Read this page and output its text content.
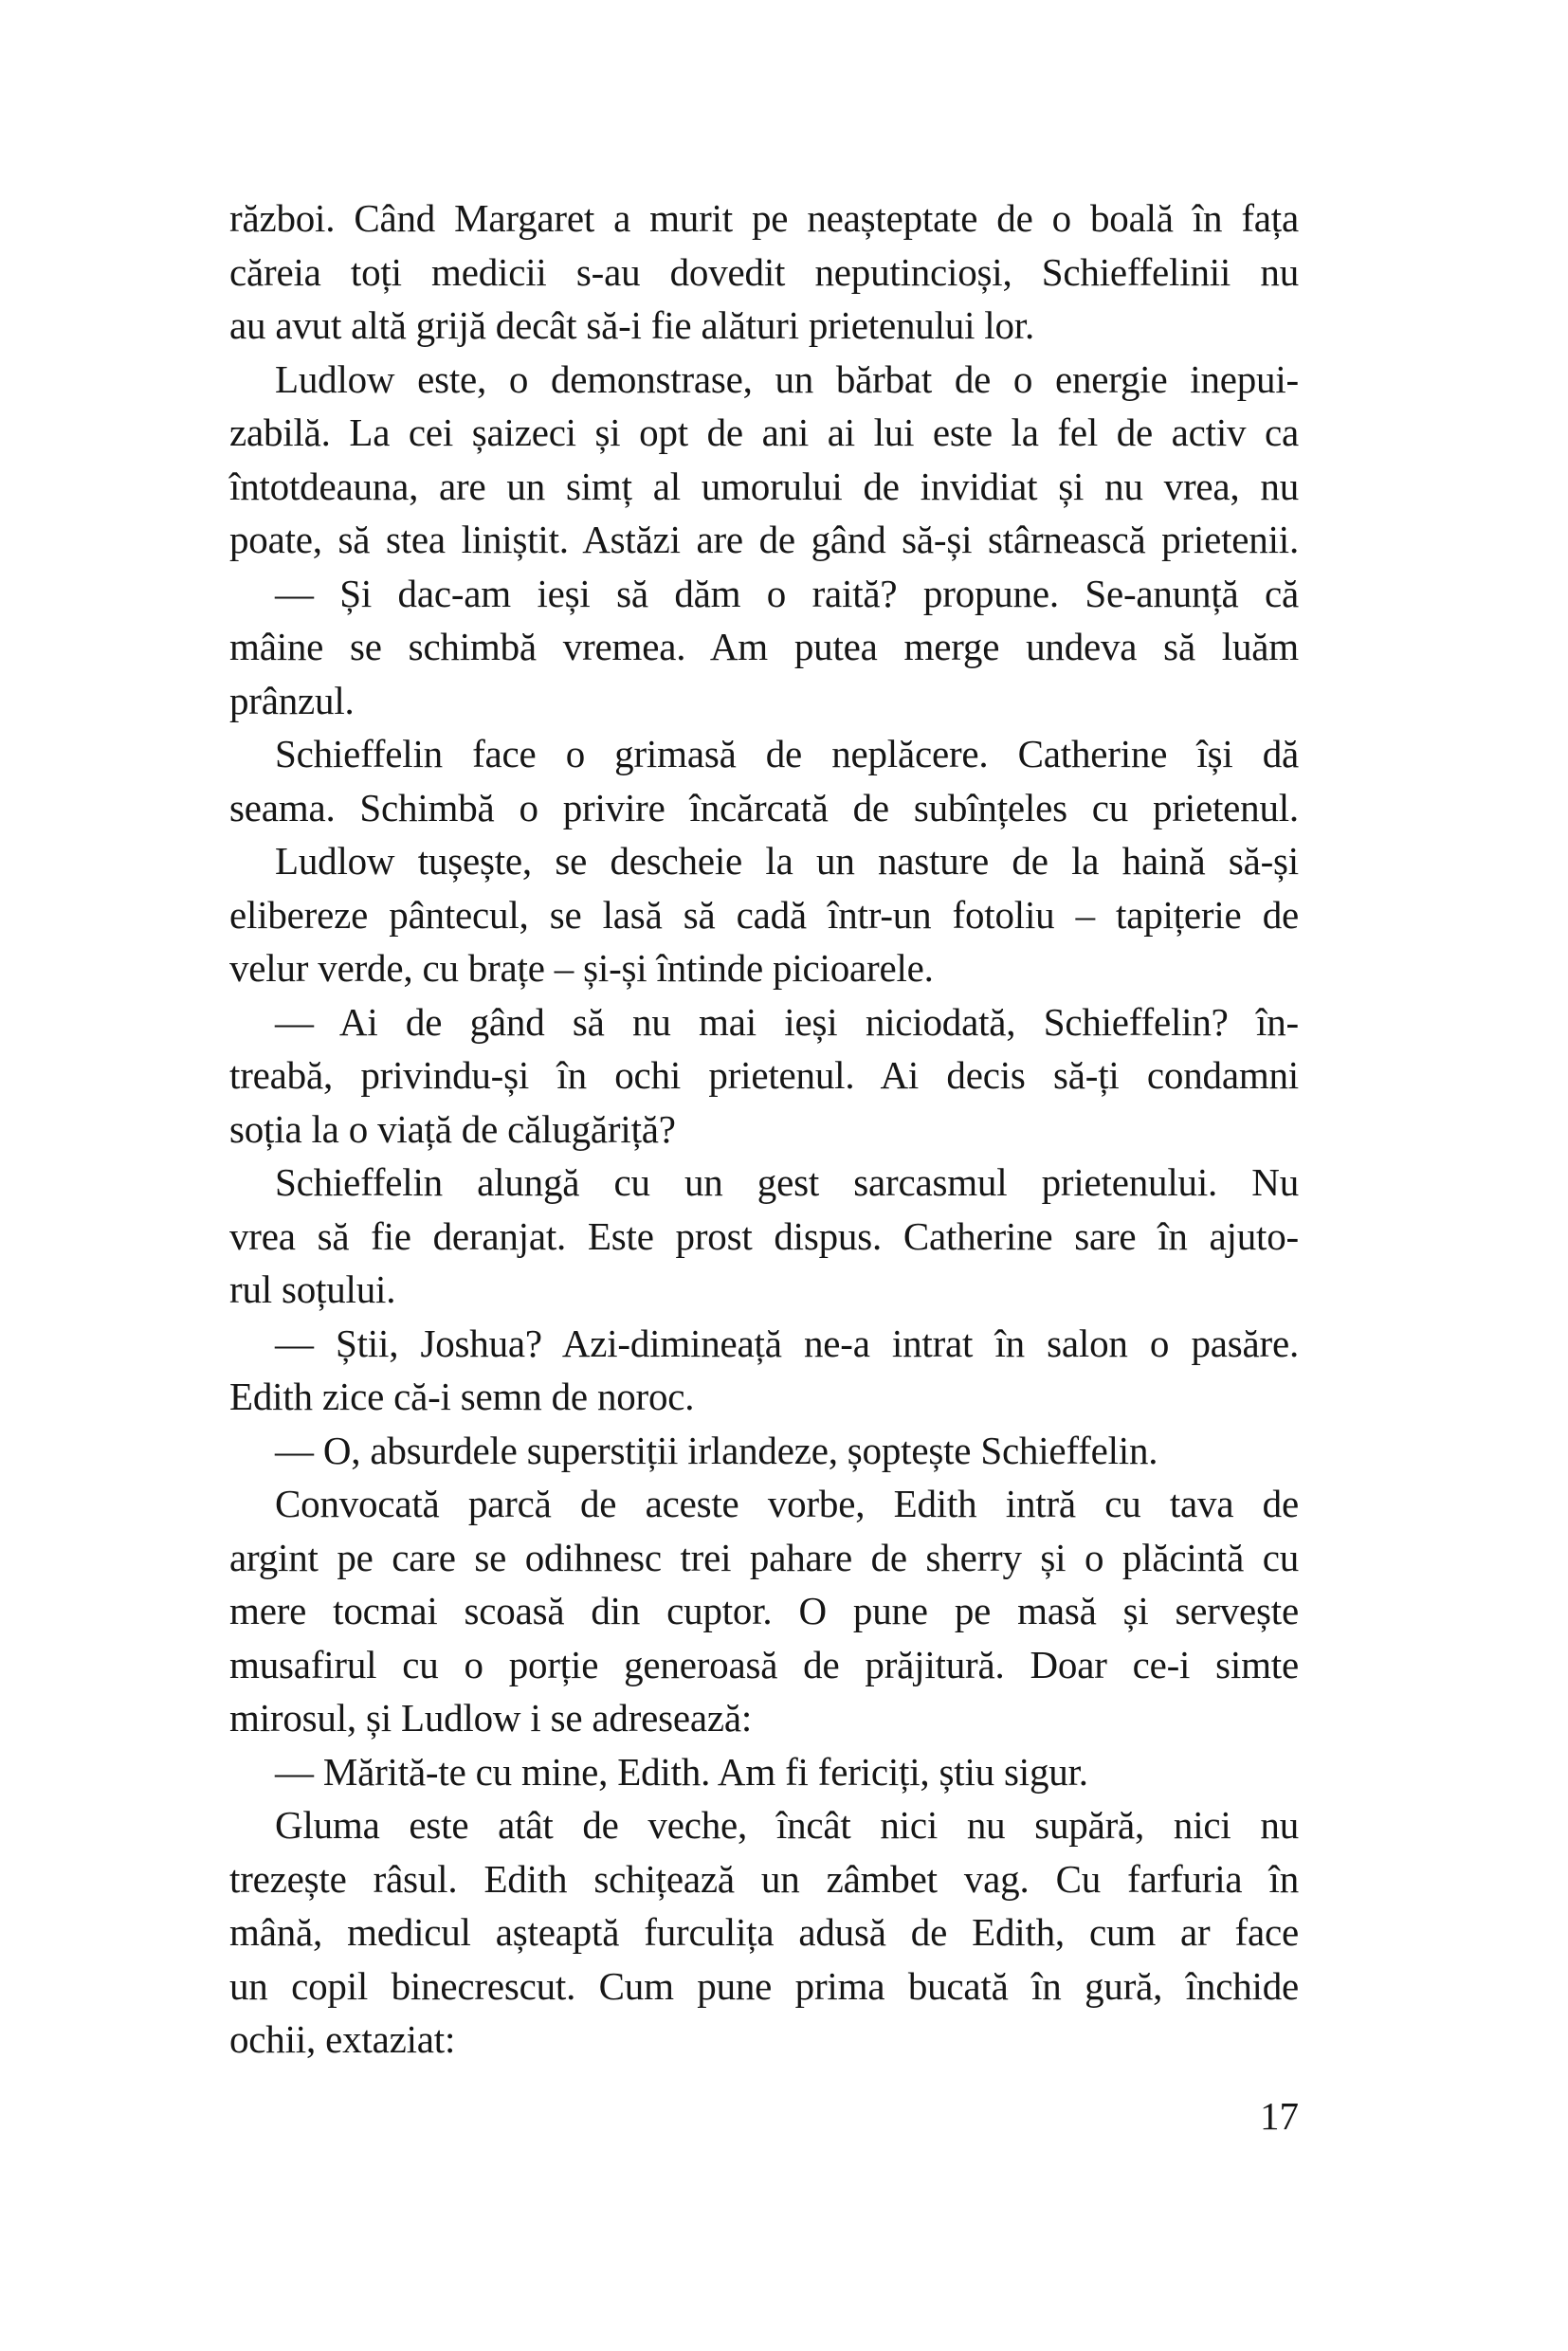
război. Când Margaret a murit pe neașteptate de o boală în fața
căreia toți medicii s-au dovedit neputincioși, Schieffelinii nu
au avut altă grijă decât să-i fie alături prietenului lor.
Ludlow este, o demonstrase, un bărbat de o energie inepui-
zabilă. La cei șaizeci și opt de ani ai lui este la fel de activ ca
întotdeauna, are un simț al umorului de invidiat și nu vrea, nu
poate, să stea liniștit. Astăzi are de gând să-și stârnească prietenii.
— Și dac-am ieși să dăm o raită? propune. Se-anunță că
mâine se schimbă vremea. Am putea merge undeva să luăm
prânzul.
Schieffelin face o grimasă de neplăcere. Catherine își dă
seama. Schimbă o privire încărcată de subînțeles cu prietenul.
Ludlow tușește, se descheie la un nasture de la haină să-și
elibereze pântecul, se lasă să cadă într-un fotoliu – tapițerie de
velur verde, cu brațe – și-și întinde picioarele.
— Ai de gând să nu mai ieși niciodată, Schieffelin? în-
treabă, privindu-și în ochi prietenul. Ai decis să-ți condamni
soția la o viață de călugăriță?
Schieffelin alungă cu un gest sarcasmul prietenului. Nu
vrea să fie deranjat. Este prost dispus. Catherine sare în ajuto-
rul soțului.
— Știi, Joshua? Azi-dimineață ne-a intrat în salon o pasăre.
Edith zice că-i semn de noroc.
— O, absurdele superstiții irlandeze, șoptește Schieffelin.
Convocată parcă de aceste vorbe, Edith intră cu tava de
argint pe care se odihnesc trei pahare de sherry și o plăcintă cu
mere tocmai scoasă din cuptor. O pune pe masă și servește
musafirul cu o porție generoasă de prăjitură. Doar ce-i simte
mirosul, și Ludlow i se adresează:
— Mărită-te cu mine, Edith. Am fi fericiți, știu sigur.
Gluma este atât de veche, încât nici nu supără, nici nu
trezește râsul. Edith schițează un zâmbet vag. Cu farfuria în
mână, medicul așteaptă furculița adusă de Edith, cum ar face
un copil binecrescut. Cum pune prima bucată în gură, închide
ochii, extaziat:
17
